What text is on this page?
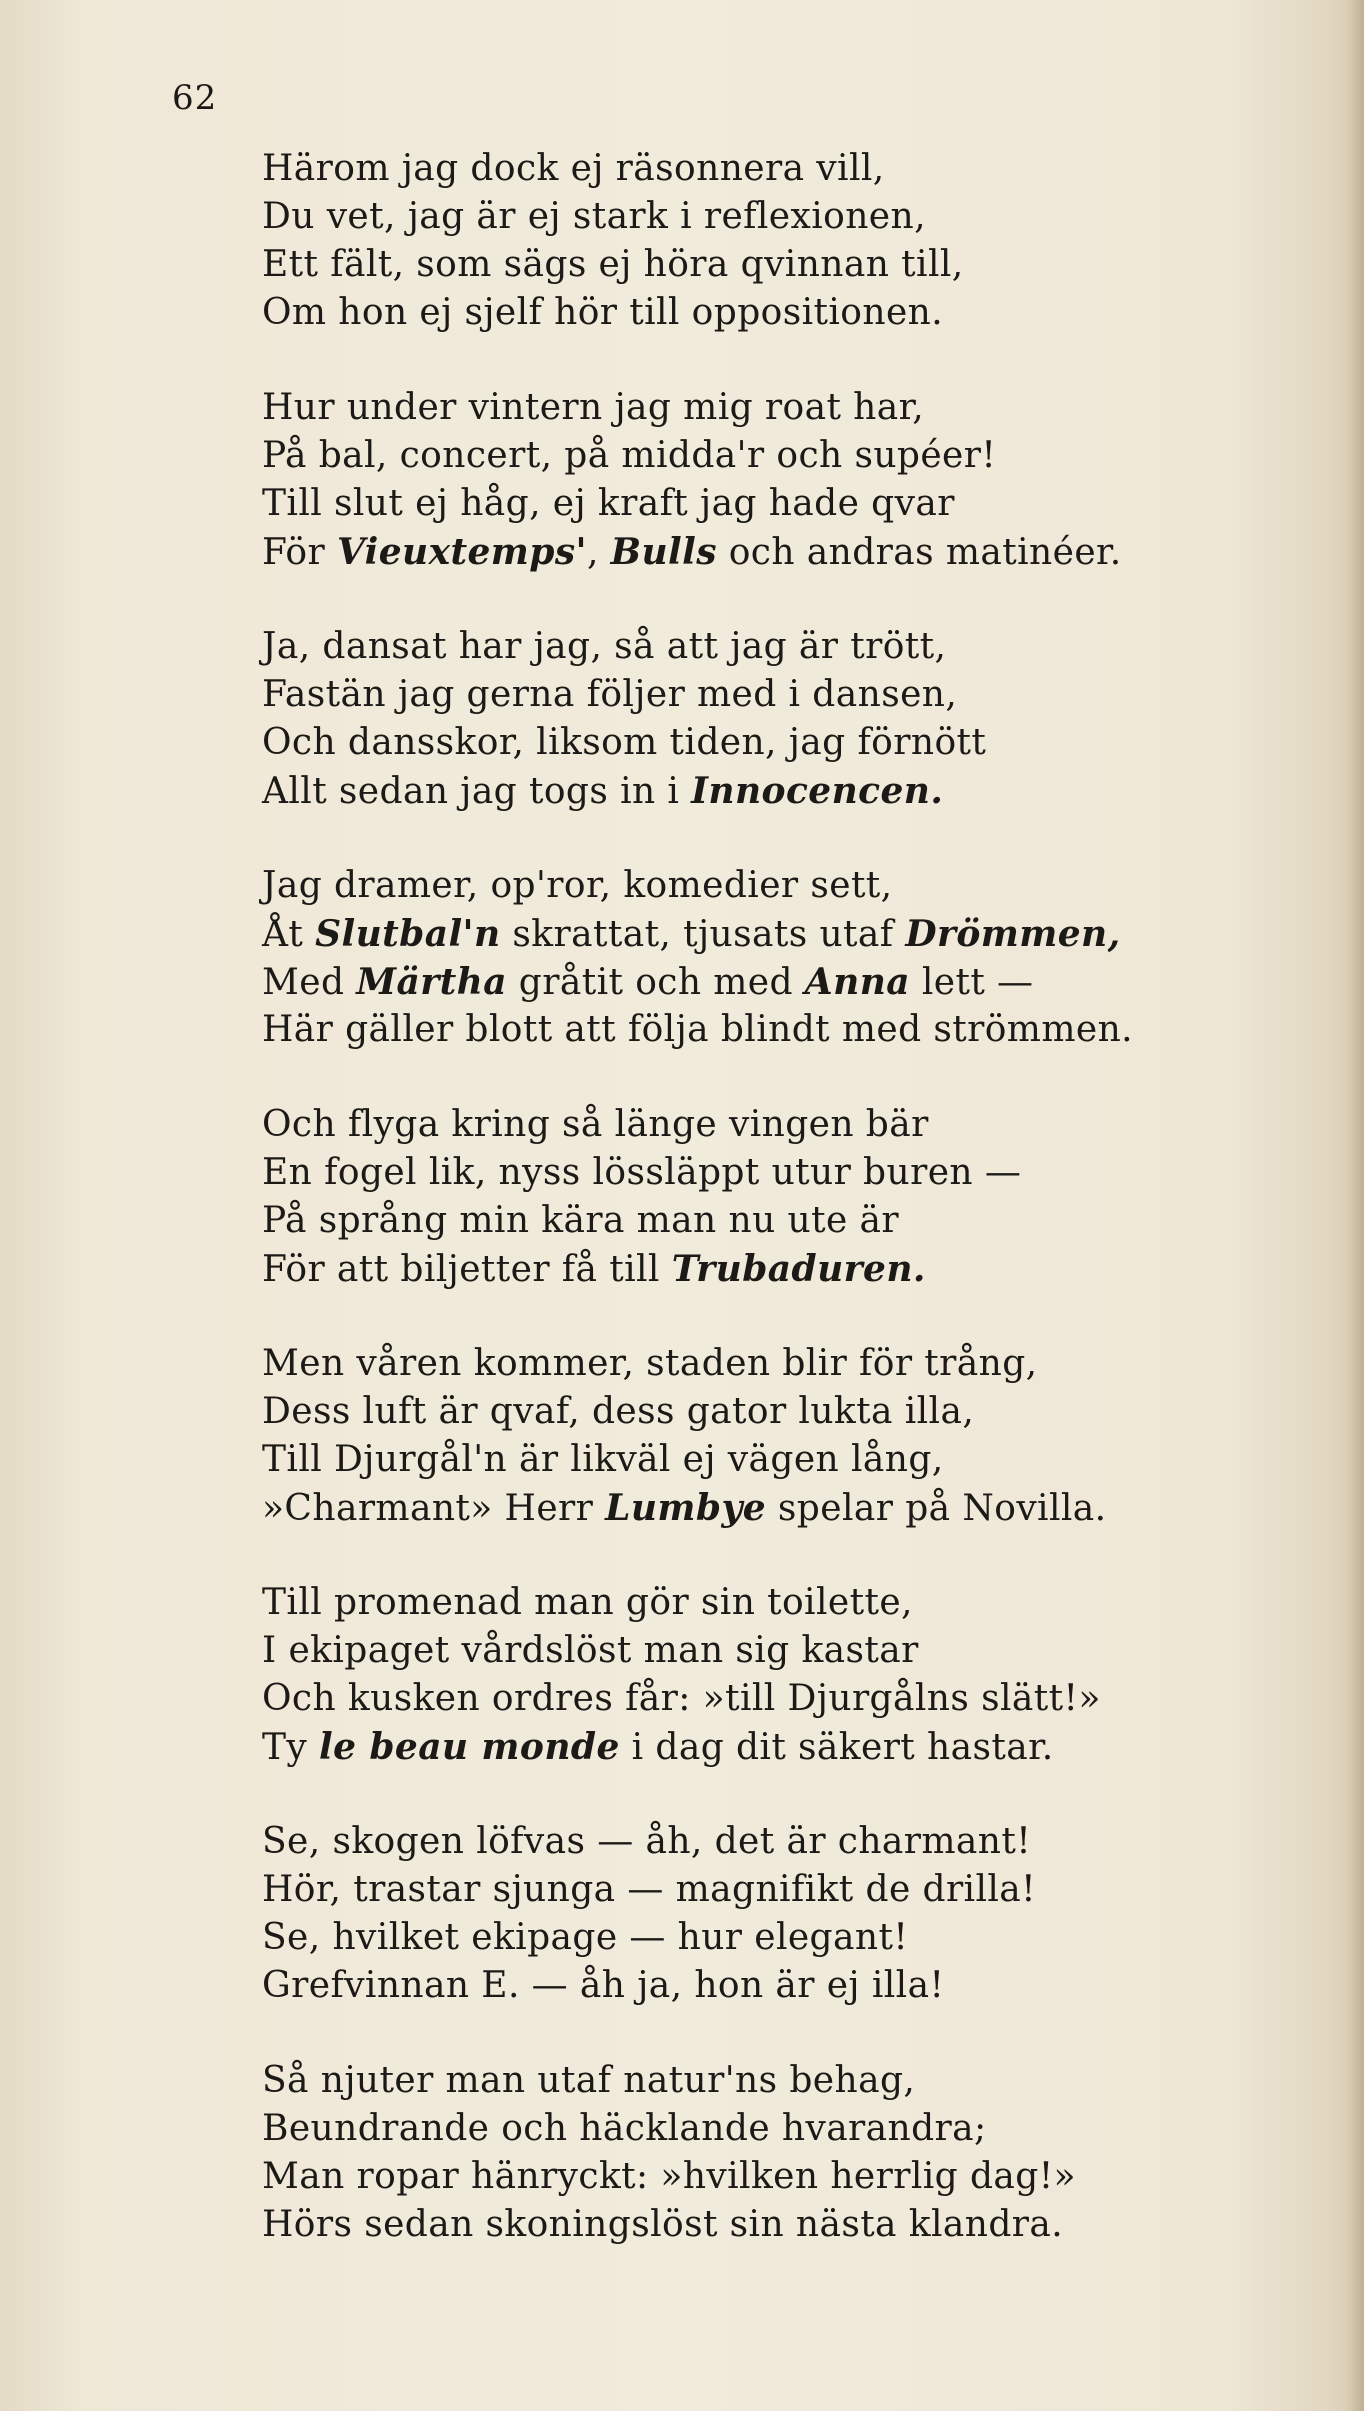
62
Härom jag dock ej räsonnera vill,
Du vet, jag är ej stark i reflexionen,
Ett fält, som sägs ej höra qvinnan till,
Om hon ej sjelf hör till oppositionen.
Hur under vintern jag mig roat har,
På bal, concert, på midda'r och supéer!
Till slut ej håg, ej kraft jag hade qvar
För Vieuxtemps', Bulls och andras matinéer.
Ja, dansat har jag, så att jag är trött,
Fastän jag gerna följer med i dansen,
Och dansskor, liksom tiden, jag förnött
Allt sedan jag togs in i Innocencen.
Jag dramer, op'ror, komedier sett,
Åt Slutbal'n skrattat, tjusats utaf Drömmen,
Med Märtha gråtit och med Anna lett —
Här gäller blott att följa blindt med strömmen.
Och flyga kring så länge vingen bär
En fogel lik, nyss lössläppt utur buren —
På språng min kära man nu ute är
För att biljetter få till Trubaduren.
Men våren kommer, staden blir för trång,
Dess luft är qvaf, dess gator lukta illa,
Till Djurgål'n är likväl ej vägen lång,
»Charmant» Herr Lumbye spelar på Novilla.
Till promenad man gör sin toilette,
I ekipaget vårdslöst man sig kastar
Och kusken ordres får: »till Djurgålns slätt!»
Ty le beau monde i dag dit säkert hastar.
Se, skogen löfvas — åh, det är charmant!
Hör, trastar sjunga — magnifikt de drilla!
Se, hvilket ekipage — hur elegant!
Grefvinnan E. — åh ja, hon är ej illa!
Så njuter man utaf natur'ns behag,
Beundrande och häcklande hvarandra;
Man ropar hänryckt: »hvilken herrlig dag!»
Hörs sedan skoningslöst sin nästa klandra.
